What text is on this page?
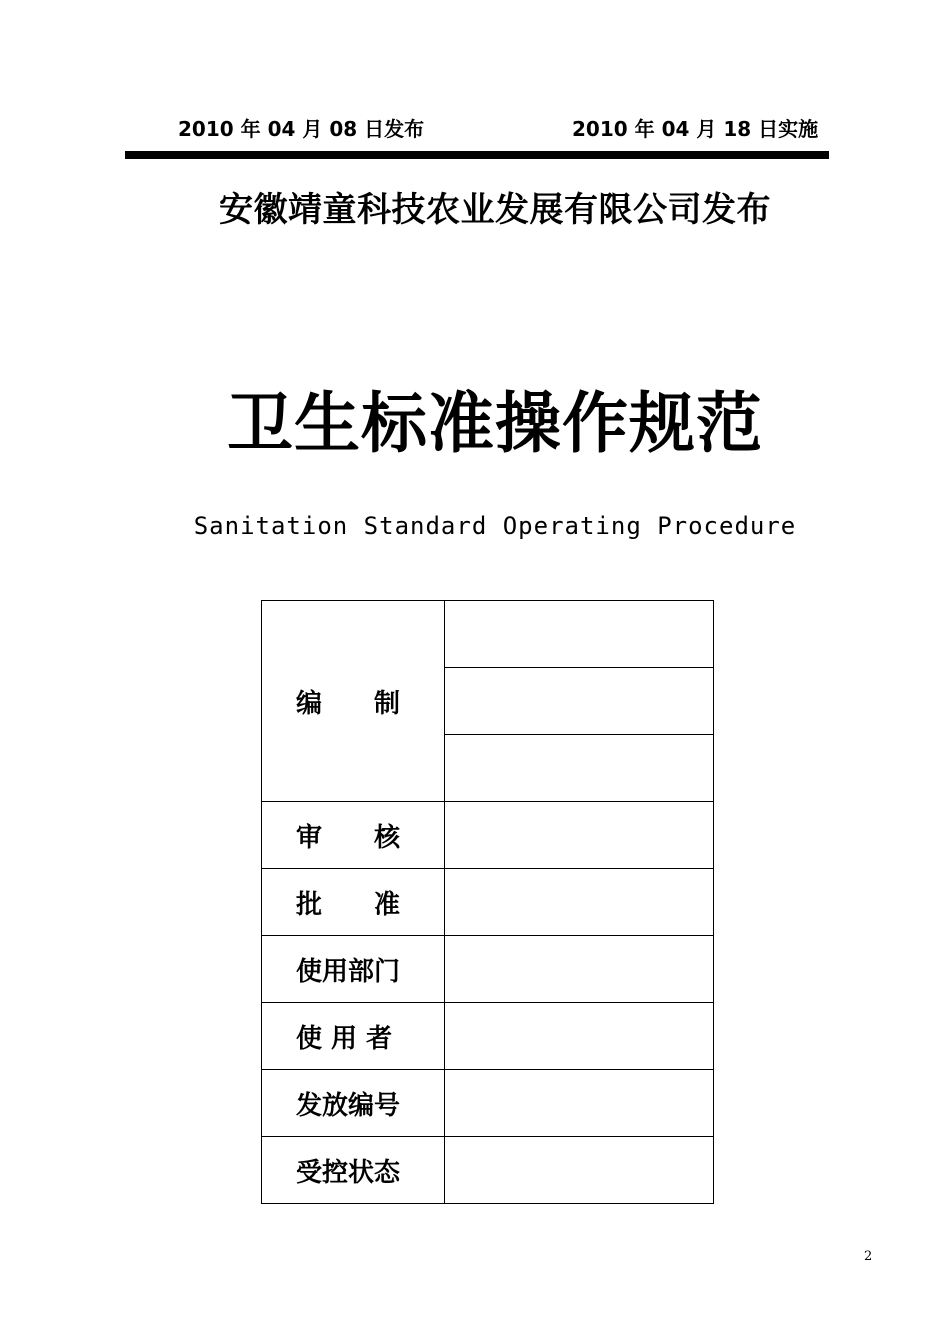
2010 年 04 月 08 日发布	2010 年 04 月 18 日实施
安徽靖童科技农业发展有限公司发布
卫生标准操作规范
Sanitation Standard Operating Procedure
编　　制	

审　　核	
批　　准	
使用部门	
使 用 者	
发放编号	
受控状态	
2
